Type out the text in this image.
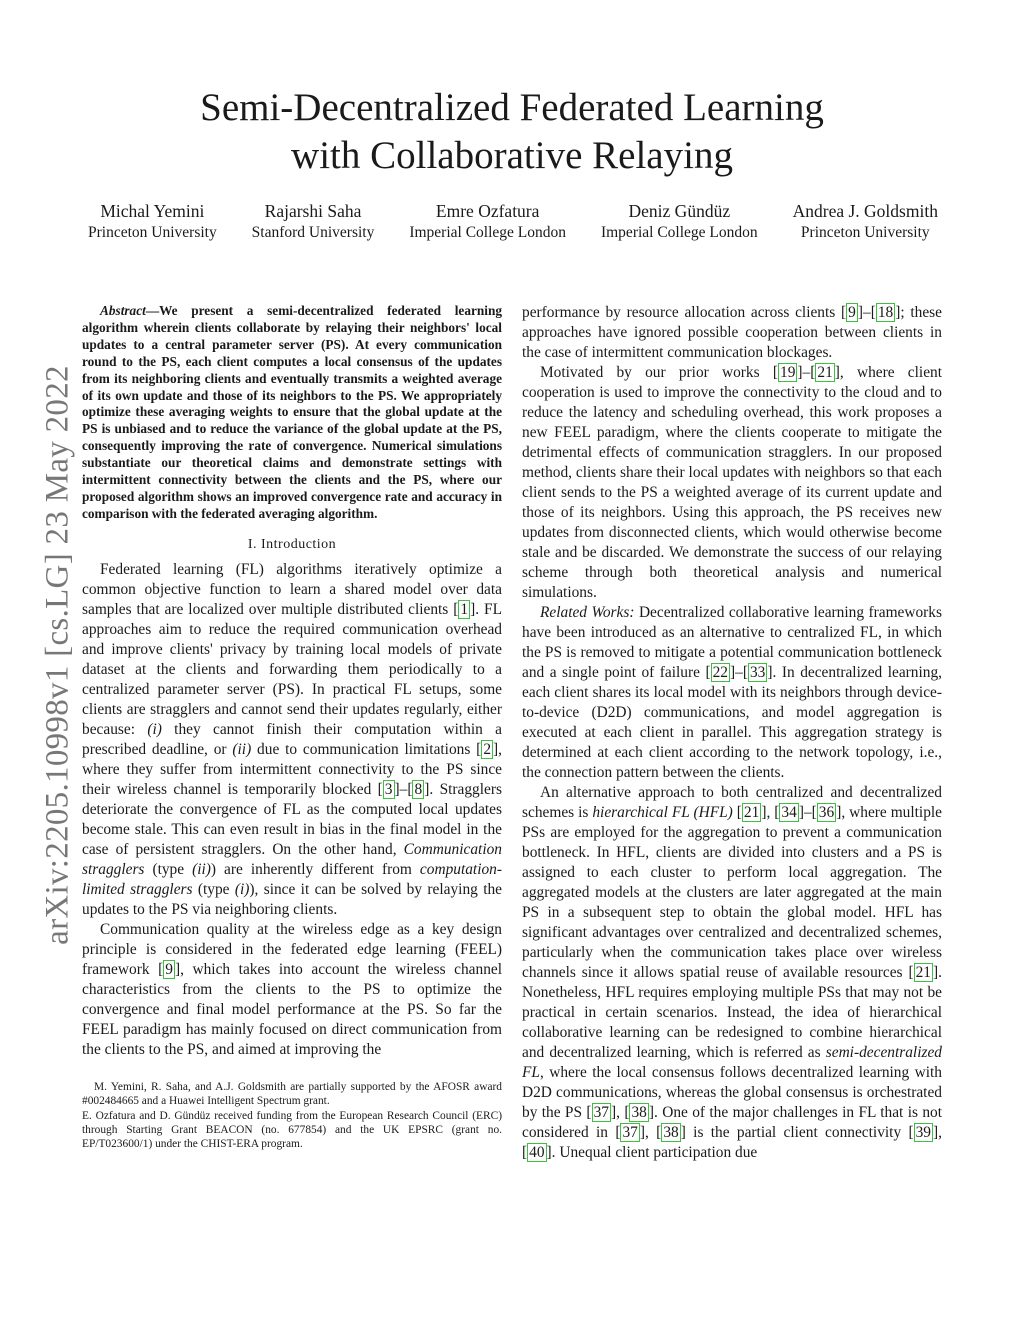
arXiv:2205.10998v1 [cs.LG] 23 May 2022
Semi-Decentralized Federated Learning
with Collaborative Relaying
Michal Yemini
Princeton University
Rajarshi Saha
Stanford University
Emre Ozfatura
Imperial College London
Deniz Gündüz
Imperial College London
Andrea J. Goldsmith
Princeton University

Abstract—We present a semi-decentralized federated learning algorithm wherein clients collaborate by relaying their neighbors' local updates to a central parameter server (PS). At every communication round to the PS, each client computes a local consensus of the updates from its neighboring clients and eventually transmits a weighted average of its own update and those of its neighbors to the PS. We appropriately optimize these averaging weights to ensure that the global update at the PS is unbiased and to reduce the variance of the global update at the PS, consequently improving the rate of convergence. Numerical simulations substantiate our theoretical claims and demonstrate settings with intermittent connectivity between the clients and the PS, where our proposed algorithm shows an improved convergence rate and accuracy in comparison with the federated averaging algorithm.

I. Introduction

Federated learning (FL) algorithms iteratively optimize a common objective function to learn a shared model over data samples that are localized over multiple distributed clients [ 1 ]. FL approaches aim to reduce the required communication overhead and improve clients' privacy by training local models of private dataset at the clients and forwarding them periodically to a centralized parameter server (PS). In practical FL setups, some clients are stragglers and cannot send their updates regularly, either because: (i) they cannot finish their computation within a prescribed deadline, or (ii) due to communication limitations [ 2 ], where they suffer from intermittent connectivity to the PS since their wireless channel is temporarily blocked [ 3 ]–[ 8 ]. Stragglers deteriorate the convergence of FL as the computed local updates become stale. This can even result in bias in the final model in the case of persistent stragglers. On the other hand, Communication stragglers (type (ii)) are inherently different from computation-limited stragglers (type (i)), since it can be solved by relaying the updates to the PS via neighboring clients.

Communication quality at the wireless edge as a key design principle is considered in the federated edge learning (FEEL) framework [ 9 ], which takes into account the wireless channel characteristics from the clients to the PS to optimize the convergence and final model performance at the PS. So far the FEEL paradigm has mainly focused on direct communication from the clients to the PS, and aimed at improving the

M. Yemini, R. Saha, and A.J. Goldsmith are partially supported by the AFOSR award #002484665 and a Huawei Intelligent Spectrum grant.

E. Ozfatura and D. Gündüz received funding from the European Research Council (ERC) through Starting Grant BEACON (no. 677854) and the UK EPSRC (grant no. EP/T023600/1) under the CHIST-ERA program.

performance by resource allocation across clients [ 9 ]–[ 18 ]; these approaches have ignored possible cooperation between clients in the case of intermittent communication blockages.

Motivated by our prior works [ 19 ]–[ 21 ], where client cooperation is used to improve the connectivity to the cloud and to reduce the latency and scheduling overhead, this work proposes a new FEEL paradigm, where the clients cooperate to mitigate the detrimental effects of communication stragglers. In our proposed method, clients share their local updates with neighbors so that each client sends to the PS a weighted average of its current update and those of its neighbors. Using this approach, the PS receives new updates from disconnected clients, which would otherwise become stale and be discarded. We demonstrate the success of our relaying scheme through both theoretical analysis and numerical simulations.

Related Works: Decentralized collaborative learning frameworks have been introduced as an alternative to centralized FL, in which the PS is removed to mitigate a potential communication bottleneck and a single point of failure [ 22 ]–[ 33 ]. In decentralized learning, each client shares its local model with its neighbors through device-to-device (D2D) communications, and model aggregation is executed at each client in parallel. This aggregation strategy is determined at each client according to the network topology, i.e., the connection pattern between the clients.

An alternative approach to both centralized and decentralized schemes is hierarchical FL (HFL) [ 21 ], [ 34 ]–[ 36 ], where multiple PSs are employed for the aggregation to prevent a communication bottleneck. In HFL, clients are divided into clusters and a PS is assigned to each cluster to perform local aggregation. The aggregated models at the clusters are later aggregated at the main PS in a subsequent step to obtain the global model. HFL has significant advantages over centralized and decentralized schemes, particularly when the communication takes place over wireless channels since it allows spatial reuse of available resources [ 21 ]. Nonetheless, HFL requires employing multiple PSs that may not be practical in certain scenarios. Instead, the idea of hierarchical collaborative learning can be redesigned to combine hierarchical and decentralized learning, which is referred as semi-decentralized FL, where the local consensus follows decentralized learning with D2D communications, whereas the global consensus is orchestrated by the PS [ 37 ], [ 38 ]. One of the major challenges in FL that is not considered in [ 37 ], [ 38 ] is the partial client connectivity [ 39 ], [ 40 ]. Unequal client participation due
